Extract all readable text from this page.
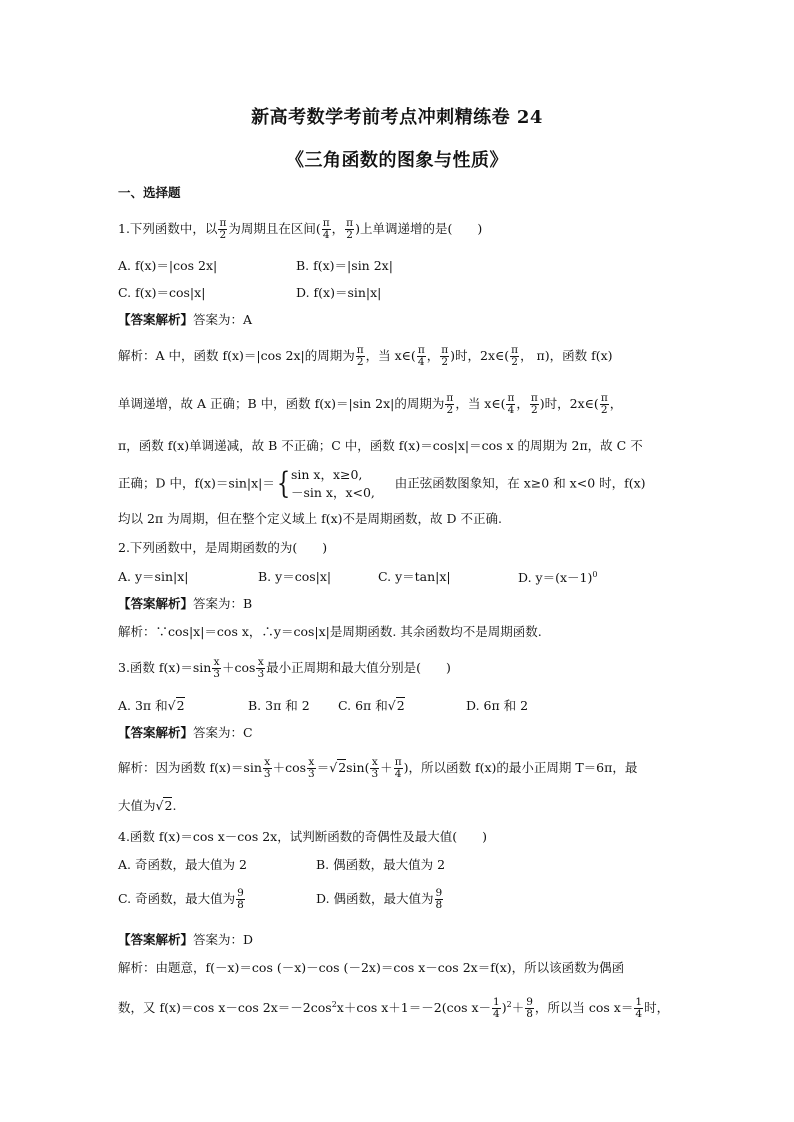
新高考数学考前考点冲刺精练卷 24
《三角函数的图象与性质》
一、选择题
1.下列函数中，以 $\frac{\pi}{2}$ 为周期且在区间( $\frac{\pi}{4}$ ， $\frac{\pi}{2}$ )上单调递增的是(　　)
A. f(x)＝|cos 2x|	B. f(x)＝|sin 2x|
C. f(x)＝cos|x|	D. f(x)＝sin|x|
【答案解析】答案为：A
解析：A 中，函数 f(x)＝|cos 2x|的周期为 $\frac{\pi}{2}$ ，当 x∈( $\frac{\pi}{4}$ ， $\frac{\pi}{2}$ )时，2x∈( $\frac{\pi}{2}$ ， π)，函数 f(x)
单调递增，故 A 正确；B 中，函数 f(x)＝|sin 2x|的周期为 $\frac{\pi}{2}$ ，当 x∈( $\frac{\pi}{4}$ ， $\frac{\pi}{2}$ )时，2x∈( $\frac{\pi}{2}$ ，
π，函数 f(x)单调递减，故 B 不正确；C 中，函数 f(x)＝cos|x|＝cos x 的周期为 2π，故 C 不
正确；D 中，f(x)＝sin|x|＝{ sin x，x≥0,
－sin x，x<0,
由正弦函数图象知，在 x≥0 和 x<0 时，f(x)
均以 2π 为周期，但在整个定义域上 f(x)不是周期函数，故 D 不正确.
2.下列函数中，是周期函数的为(　　)
A. y＝sin|x|	B. y＝cos|x|	C. y＝tan|x|	D. $y=(x-1)^0$
【答案解析】答案为：B
解析：∵cos|x|＝cos x，∴y＝cos|x|是周期函数. 其余函数均不是周期函数.
3.函数 $f(x)=\sin \frac{x}{3} +\cos \frac{x}{3}$ 最小正周期和最大值分别是(　　)
A. 3π 和√2	B. 3π 和 2 C. 6π 和√2	D. 6π 和 2
【答案解析】答案为：C
解析：因为函数 $f(x)=\sin \frac{x}{3} +\cos \frac{x}{3} =√2\sin( \frac{x}{3} + \frac{\pi}{4}$ )，所以函数 f(x)的最小正周期 T＝6π，最
大值为√2.
4.函数 f(x)＝cos x－cos 2x，试判断函数的奇偶性及最大值(　　)
A. 奇函数，最大值为 2	B. 偶函数，最大值为 2
C. 奇函数，最大值为 $\frac{9}{8}$	D. 偶函数，最大值为 $\frac{9}{8}$
【答案解析】答案为：D
解析：由题意，f(－x)＝cos (－x)－cos (－2x)＝cos x－cos 2x＝f(x)，所以该函数为偶函
数，又 f(x)＝cos x－cos $2x=-2\cos^2x+\cos$ x＋1＝－2(cos $x- \frac{1}{4} )^2+ \frac{9}{8}$ ，所以当 $\cos x= \frac{1}{4}$ 时，
